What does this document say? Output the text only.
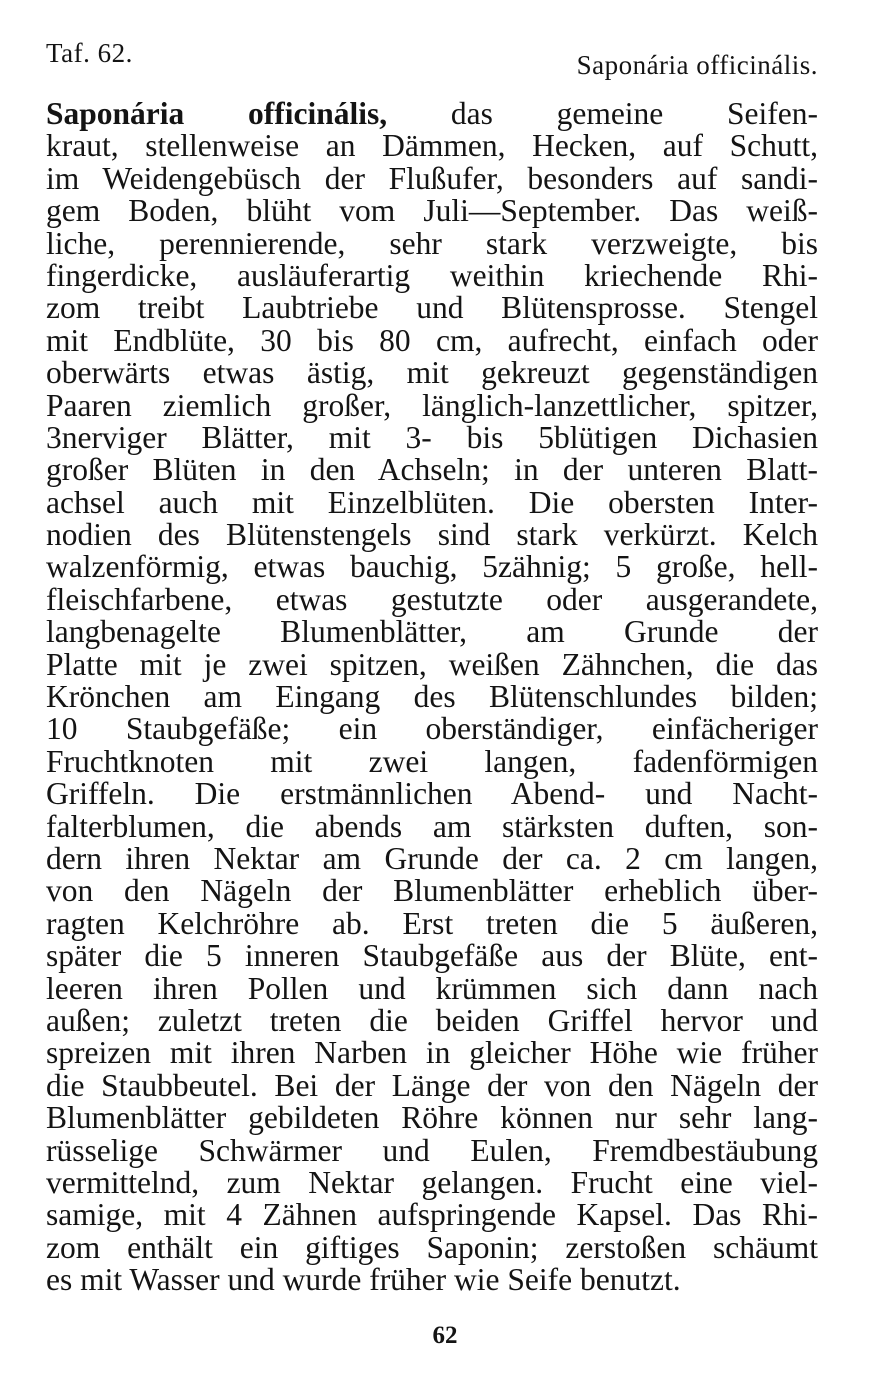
Taf. 62.	Saponária officinális.
Saponária officinális, das gemeine Seifen-
kraut, stellenweise an Dämmen, Hecken, auf Schutt,
im Weidengebüsch der Flußufer, besonders auf sandi-
gem Boden, blüht vom Juli—September. Das weiß-
liche, perennierende, sehr stark verzweigte, bis
fingerdicke, ausläuferartig weithin kriechende Rhi-
zom treibt Laubtriebe und Blütensprosse. Stengel
mit Endblüte, 30 bis 80 cm, aufrecht, einfach oder
oberwärts etwas ästig, mit gekreuzt gegenständigen
Paaren ziemlich großer, länglich-lanzettlicher, spitzer,
3nerviger Blätter, mit 3- bis 5blütigen Dichasien
großer Blüten in den Achseln; in der unteren Blatt-
achsel auch mit Einzelblüten. Die obersten Inter-
nodien des Blütenstengels sind stark verkürzt. Kelch
walzenförmig, etwas bauchig, 5zähnig; 5 große, hell-
fleischfarbene, etwas gestutzte oder ausgerandete,
langbenagelte Blumenblätter, am Grunde der
Platte mit je zwei spitzen, weißen Zähnchen, die das
Krönchen am Eingang des Blütenschlundes bilden;
10 Staubgefäße; ein oberständiger, einfächeriger
Fruchtknoten mit zwei langen, fadenförmigen
Griffeln. Die erstmännlichen Abend- und Nacht-
falterblumen, die abends am stärksten duften, son-
dern ihren Nektar am Grunde der ca. 2 cm langen,
von den Nägeln der Blumenblätter erheblich über-
ragten Kelchröhre ab. Erst treten die 5 äußeren,
später die 5 inneren Staubgefäße aus der Blüte, ent-
leeren ihren Pollen und krümmen sich dann nach
außen; zuletzt treten die beiden Griffel hervor und
spreizen mit ihren Narben in gleicher Höhe wie früher
die Staubbeutel. Bei der Länge der von den Nägeln der
Blumenblätter gebildeten Röhre können nur sehr lang-
rüsselige Schwärmer und Eulen, Fremdbestäubung
vermittelnd, zum Nektar gelangen. Frucht eine viel-
samige, mit 4 Zähnen aufspringende Kapsel. Das Rhi-
zom enthält ein giftiges Saponin; zerstoßen schäumt
es mit Wasser und wurde früher wie Seife benutzt.
62
